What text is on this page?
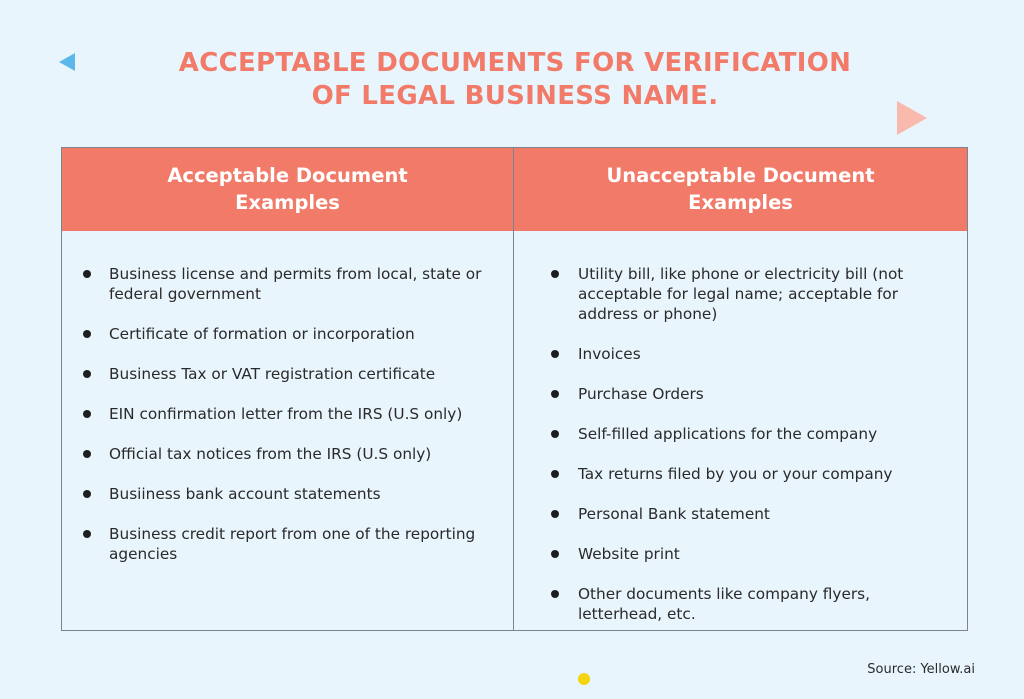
ACCEPTABLE DOCUMENTS FOR VERIFICATION
OF LEGAL BUSINESS NAME.
Acceptable Document
Examples
Unacceptable Document
Examples
Business license and permits from local, state or federal government
Certificate of formation or incorporation
Business Tax or VAT registration certificate
EIN confirmation letter from the IRS (U.S only)
Official tax notices from the IRS (U.S only)
Busiiness bank account statements
Business credit report from one of the reporting agencies
Utility bill, like phone or electricity bill (not acceptable for legal name; acceptable for address or phone)
Invoices
Purchase Orders
Self-filled applications for the company
Tax returns filed by you or your company
Personal Bank statement
Website print
Other documents like company flyers, letterhead, etc.
Source: Yellow.ai
